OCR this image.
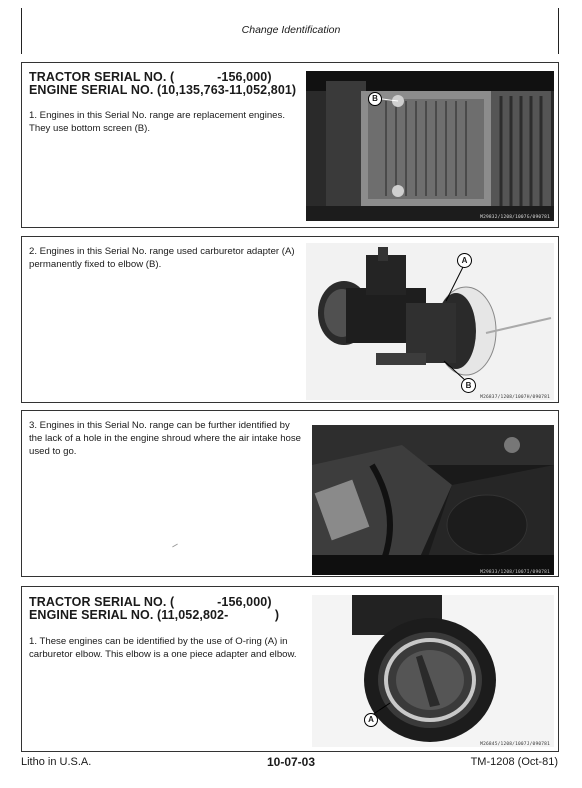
Change Identification
TRACTOR SERIAL NO. (            -156,000)
ENGINE SERIAL NO. (10,135,763-11,052,801)
1. Engines in this Serial No. range are replacement engines. They use bottom screen (B).
B
M29832/1208/1007G/090781
2. Engines in this Serial No. range used carburetor adapter (A) permanently fixed to elbow (B).	A
B
M26837/1208/1007H/090781
3. Engines in this Serial No. range can be further identified by the lack of a hole in the engine shroud where the air intake hose used to go.
M29833/1208/1007I/090781
TRACTOR SERIAL NO. (            -156,000)
ENGINE SERIAL NO. (11,052,802-             )
1. These engines can be identified by the use of O-ring (A) in carburetor elbow. This elbow is a one piece adapter and elbow.
A
M26845/1208/1007J/090781
Litho in U.S.A.	10-07-03	TM-1208 (Oct-81)
